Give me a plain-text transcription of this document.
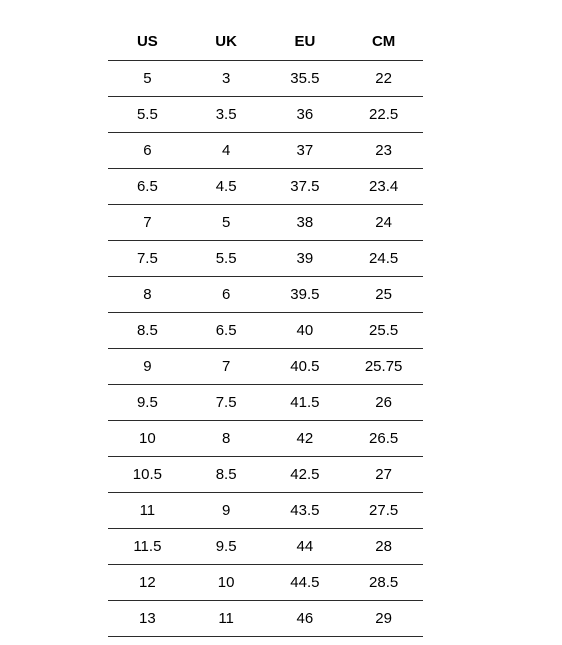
US	UK	EU	CM
5	3	35.5	22
5.5	3.5	36	22.5
6	4	37	23
6.5	4.5	37.5	23.4
7	5	38	24
7.5	5.5	39	24.5
8	6	39.5	25
8.5	6.5	40	25.5
9	7	40.5	25.75
9.5	7.5	41.5	26
10	8	42	26.5
10.5	8.5	42.5	27
11	9	43.5	27.5
11.5	9.5	44	28
12	10	44.5	28.5
13	11	46	29
